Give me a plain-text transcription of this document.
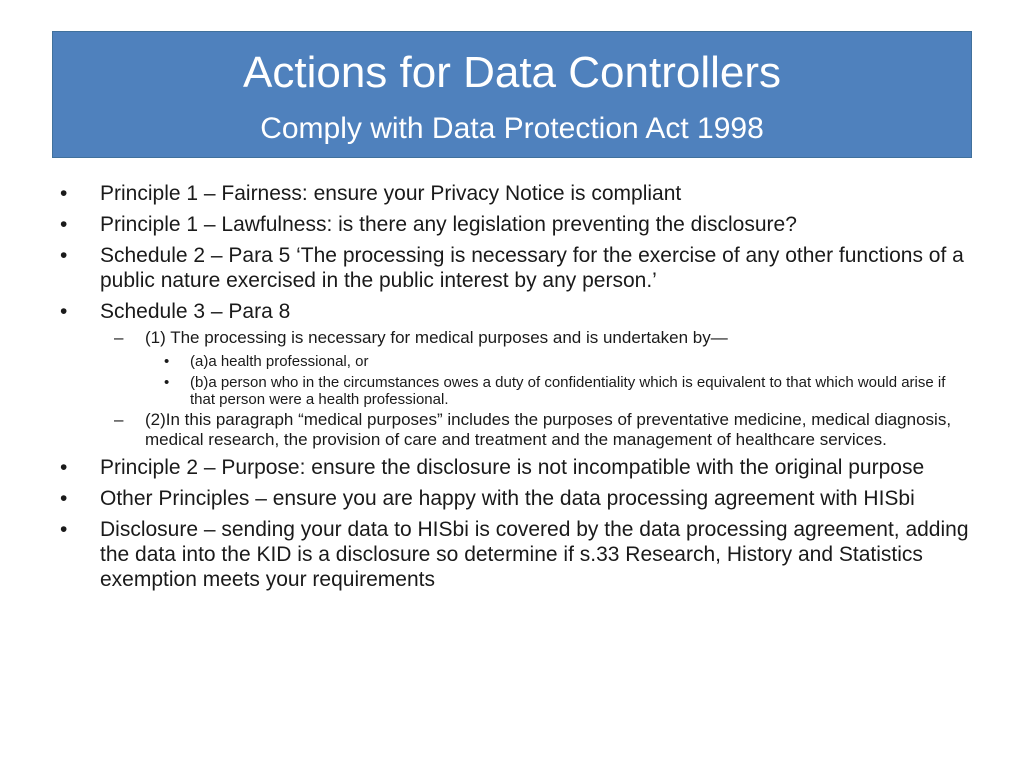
Actions for Data Controllers
Comply with Data Protection Act 1998
• Principle 1 – Fairness: ensure your Privacy Notice is compliant
• Principle 1 – Lawfulness: is there any legislation preventing the disclosure?
• Schedule 2 – Para 5 ‘The processing is necessary for the exercise of any other functions of a public nature exercised in the public interest by any person.’
• Schedule 3 – Para 8
– (1) The processing is necessary for medical purposes and is undertaken by—
• (a)a health professional, or
• (b)a person who in the circumstances owes a duty of confidentiality which is equivalent to that which would arise if that person were a health professional.
– (2)In this paragraph “medical purposes” includes the purposes of preventative medicine, medical diagnosis, medical research, the provision of care and treatment and the management of healthcare services.
• Principle 2 – Purpose: ensure the disclosure is not incompatible with the original purpose
• Other Principles – ensure you are happy with the data processing agreement with HISbi
• Disclosure – sending your data to HISbi is covered by the data processing agreement, adding the data into the KID is a disclosure so determine if s.33 Research, History and Statistics exemption meets your requirements
